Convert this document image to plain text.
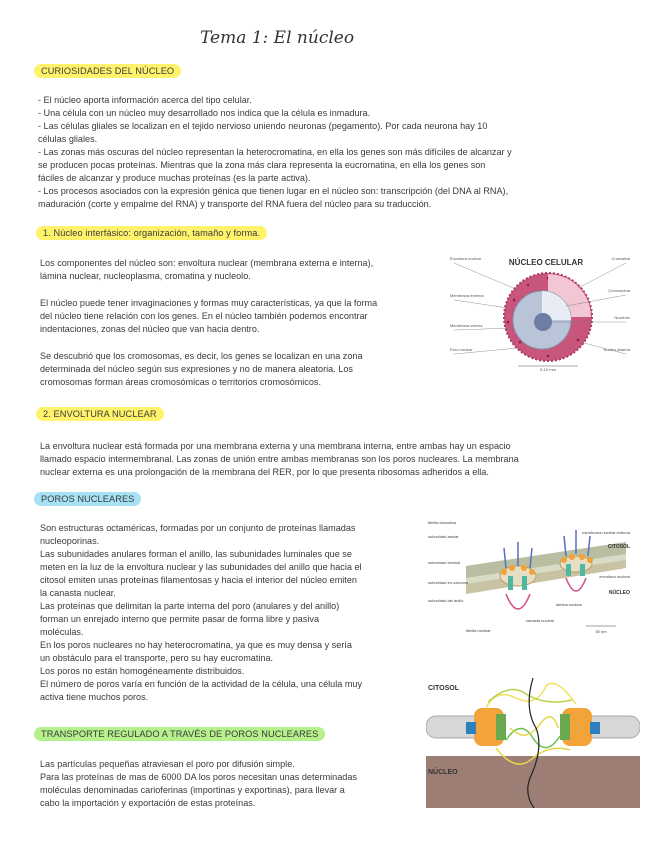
Tema 1: El núcleo
CURIOSIDADES DEL NÚCLEO
- El núcleo aporta información acerca del tipo celular.
- Una célula con un núcleo muy desarrollado nos indica que la célula es inmadura.
- Las células gliales se localizan en el tejido nervioso uniendo neuronas (pegamento). Por cada neurona hay 10
células gliales.
- Las zonas más oscuras del núcleo representan la heterocromatina, en ella los genes son más difíciles de alcanzar y
se producen pocas proteínas. Mientras que la zona más clara representa la eucromatina, en ella los genes son
fáciles de alcanzar y produce muchas proteínas (es la parte activa).
- Los procesos asociados con la expresión génica que tienen lugar en el núcleo son: transcripción (del DNA al RNA),
maduración (corte y empalme del RNA) y transporte del RNA fuera del núcleo para su traducción.
1. Núcleo interfásico: organización, tamaño y forma.
Los componentes del núcleo son: envoltura nuclear (membrana externa e interna),
lámina nuclear, nucleoplasma, cromatina y nucleolo.
El núcleo puede tener invaginaciones y formas muy características, ya que la forma
del núcleo tiene relación con los genes. En el núcleo también podemos encontrar
indentaciones, zonas del núcleo que van hacia dentro.
Se descubrió que los cromosomas, es decir, los genes se localizan en una zona
determinada del núcleo según sus expresiones y no de manera aleatoria. Los
cromosomas forman áreas cromosómicas o territorios cromosómicos.
NÚCLEO CELULAR
Envoltura nuclear
Membrana externa
Membrana interna
Poro nuclear
Cromatina
Cromosoma
Nucléolo
Nucleo plasma
5-10 mm
2. ENVOLTURA NUCLEAR
La envoltura nuclear está formada por una membrana externa y una membrana interna, entre ambas hay un espacio
llamado espacio intermembranal. Las zonas de unión entre ambas membranas son los poros nucleares. La membrana
nuclear externa es una prolongación de la membrana del RER, por lo que presenta ribosomas adheridos a ella.
POROS NUCLEARES
Son estructuras octaméricas, formadas por un conjunto de proteínas llamadas
nucleoporinas.
Las subunidades anulares forman el anillo, las subunidades luminales que se
meten en la luz de la envoltura nuclear y las subunidades del anillo que hacia el
citosol emiten unas proteínas filamentosas y hacia el interior del núcleo emiten
la canasta nuclear.
Las proteínas que delimitan la parte interna del poro (anulares y del anillo)
forman un enrejado interno que permite pasar de forma libre y pasiva
moléculas.
En los poros nucleares no hay heterocromatina, ya que es muy densa y sería
un obstáculo para el transporte, pero su hay eucromatina.
Los poros no están homogéneamente distribuidos.
El número de poros varía en función de la actividad de la célula, una célula muy
activa tiene muchos poros.
fibrilla citosólica
subunidad anular
subunidad luminal
subunidad en columna
subunidad del anillo
membrana nuclear externa
CITOSOL
envoltura nuclear
NÚCLEO
lámina nuclear
fibrilla nuclear
canasta nuclear
50 nm
CITOSOL
NÚCLEO
TRANSPORTE REGULADO A TRAVÉS DE POROS NUCLEARES
Las partículas pequeñas atraviesan el poro por difusión simple.
Para las proteínas de mas de 6000 DA los poros necesitan unas determinadas
moléculas denominadas carioferinas (importinas y exportinas), para llevar a
cabo la importación y exportación de estas proteínas.
